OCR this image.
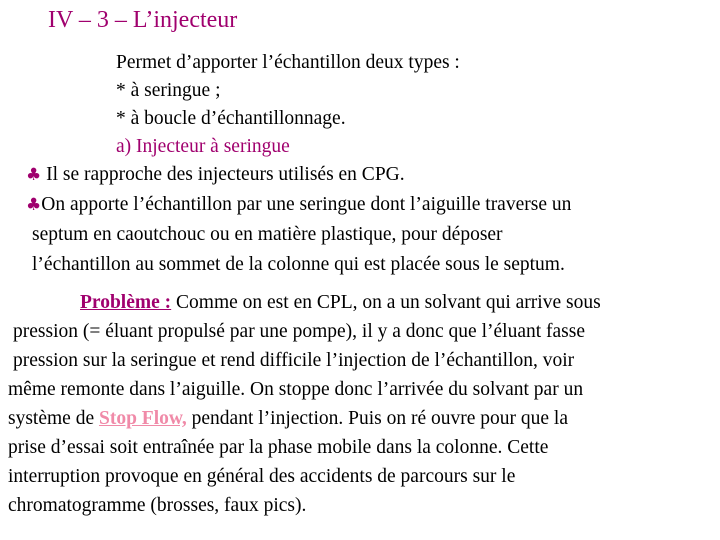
IV – 3 – L’injecteur
Permet d’apporter l’échantillon deux types :
* à seringue ;
* à boucle d’échantillonnage.
a) Injecteur à seringue
♣ Il se rapproche des injecteurs utilisés en CPG.
♣On apporte l’échantillon par une seringue dont l’aiguille traverse un
septum en caoutchouc ou en matière plastique, pour déposer
l’échantillon au sommet de la colonne qui est placée sous le septum.
Problème : Comme on est en CPL, on a un solvant qui arrive sous
pression (= éluant propulsé par une pompe), il y a donc que l’éluant fasse
pression sur la seringue et rend difficile l’injection de l’échantillon, voir
même remonte dans l’aiguille. On stoppe donc l’arrivée du solvant par un
système de Stop Flow, pendant l’injection. Puis on ré ouvre pour que la
prise d’essai soit entraînée par la phase mobile dans la colonne. Cette
interruption provoque en général des accidents de parcours sur le
chromatogramme (brosses, faux pics).
